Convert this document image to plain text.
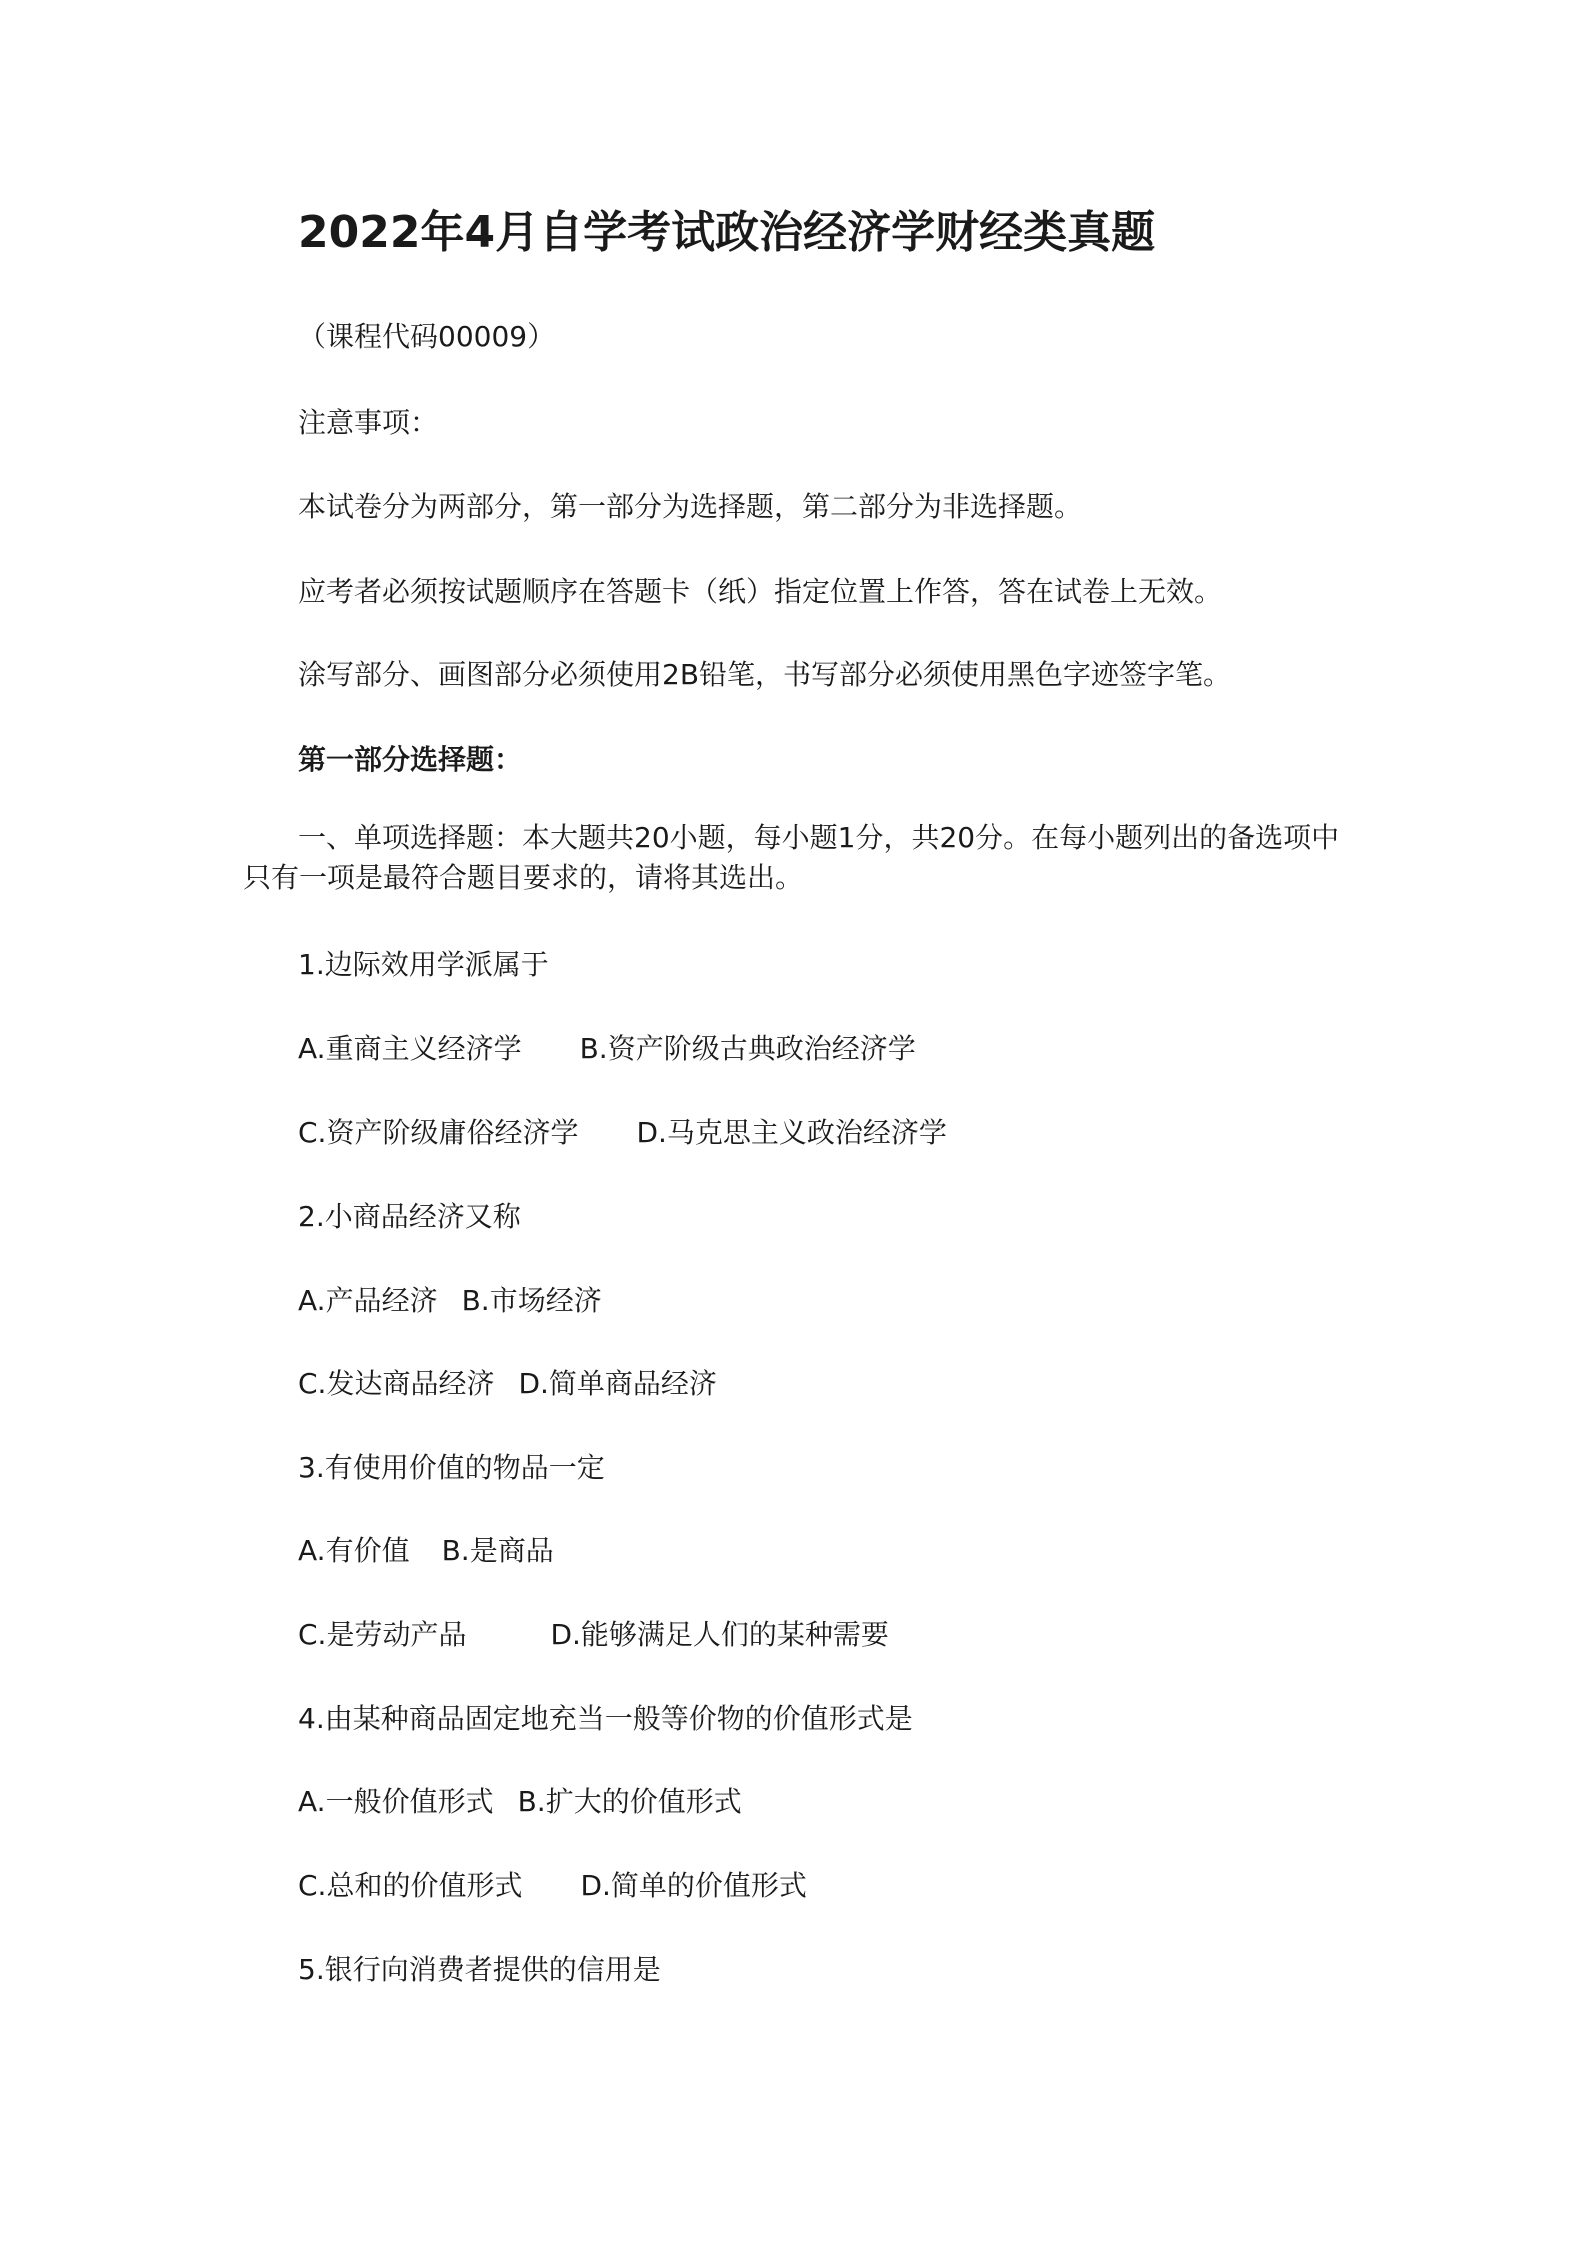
2022年4月自学考试政治经济学财经类真题

（课程代码00009）

注意事项：

本试卷分为两部分，第一部分为选择题，第二部分为非选择题。

应考者必须按试题顺序在答题卡（纸）指定位置上作答，答在试卷上无效。

涂写部分、画图部分必须使用2B铅笔，书写部分必须使用黑色字迹签字笔。

第一部分选择题：

一、单项选择题：本大题共20小题，每小题1分，共20分。在每小题列出的备选项中只有一项是最符合题目要求的，请将其选出。

1.边际效用学派属于

A.重商主义经济学 B.资产阶级古典政治经济学

C.资产阶级庸俗经济学 D.马克思主义政治经济学

2.小商品经济又称

A.产品经济 B.市场经济

C.发达商品经济 D.简单商品经济

3.有使用价值的物品一定

A.有价值 B.是商品

C.是劳动产品	D.能够满足人们的某种需要

4.由某种商品固定地充当一般等价物的价值形式是

A.一般价值形式 B.扩大的价值形式

C.总和的价值形式 D.简单的价值形式

5.银行向消费者提供的信用是
